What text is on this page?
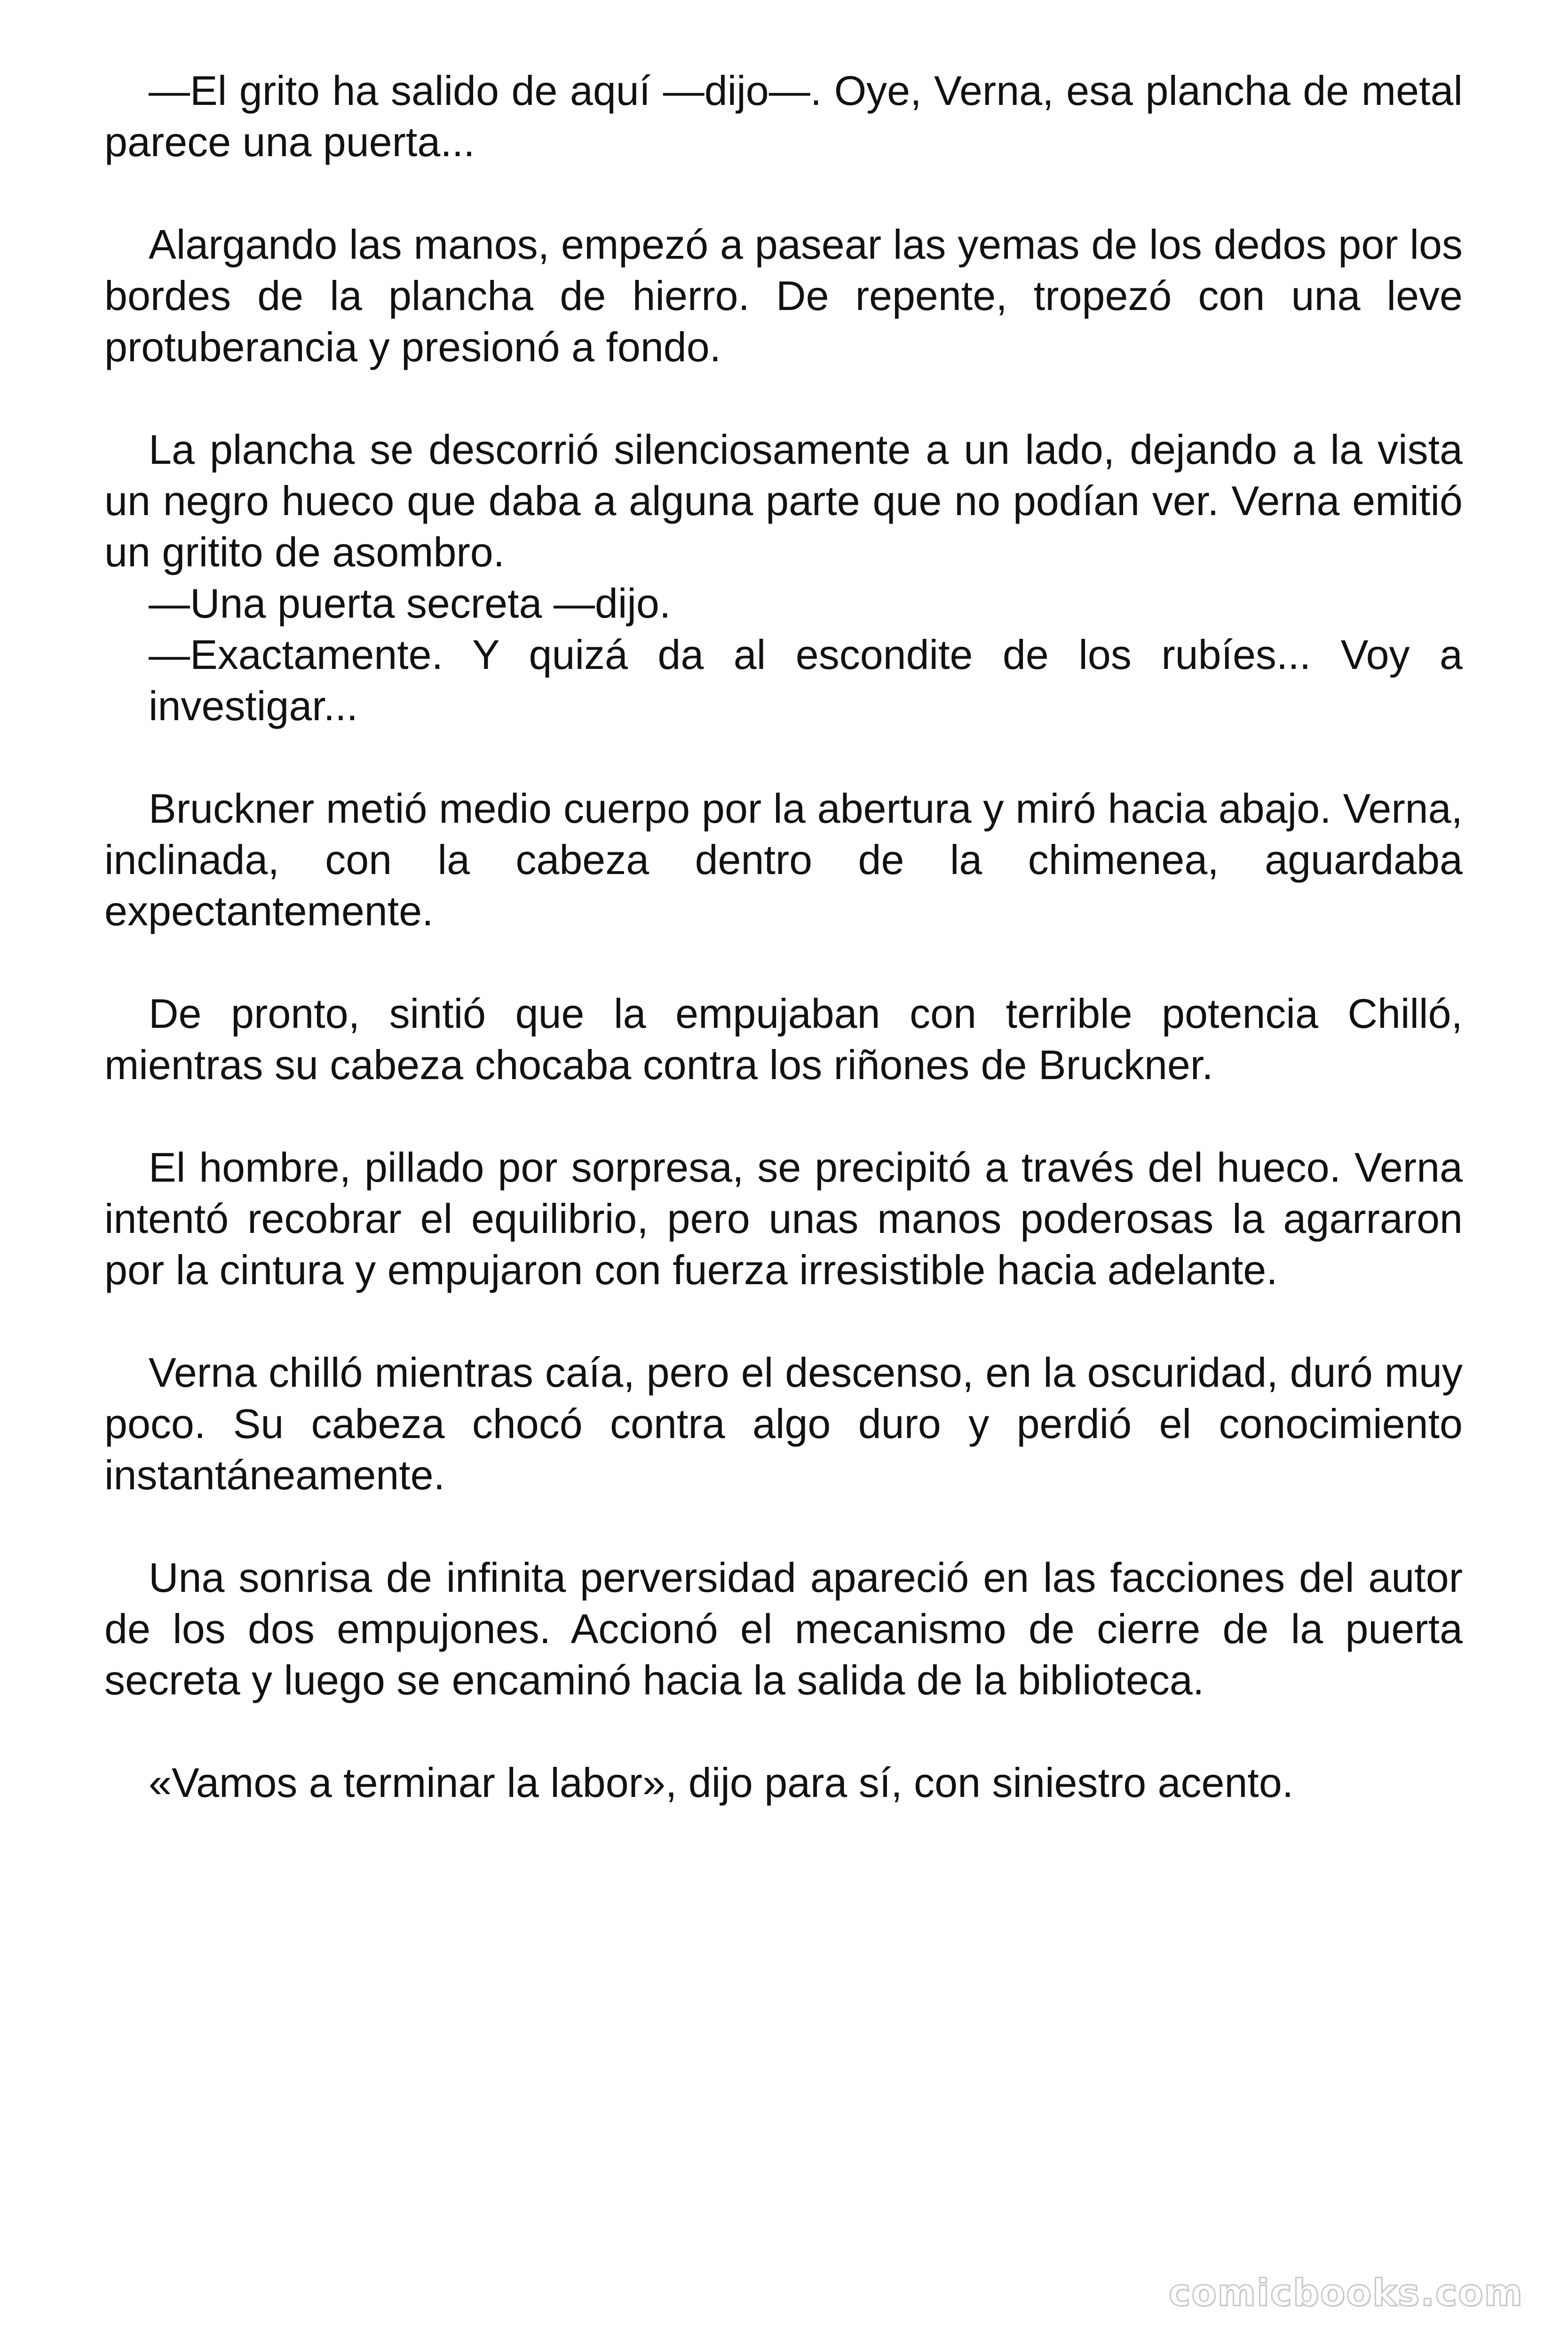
—El grito ha salido de aquí —dijo—. Oye, Verna, esa plancha de metal parece una puerta...

Alargando las manos, empezó a pasear las yemas de los dedos por los bordes de la plancha de hierro. De repente, tropezó con una leve protuberancia y presionó a fondo.

La plancha se descorrió silenciosamente a un lado, dejando a la vista un negro hueco que daba a alguna parte que no podían ver. Verna emitió un gritito de asombro.

—Una puerta secreta —dijo.

—Exactamente. Y quizá da al escondite de los rubíes... Voy a investigar...

Bruckner metió medio cuerpo por la abertura y miró hacia abajo. Verna, inclinada, con la cabeza dentro de la chimenea, aguardaba expectantemente.

De pronto, sintió que la empujaban con terrible potencia Chilló, mientras su cabeza chocaba contra los riñones de Bruckner.

El hombre, pillado por sorpresa, se precipitó a través del hueco. Verna intentó recobrar el equilibrio, pero unas manos poderosas la agarraron por la cintura y empujaron con fuerza irresistible hacia adelante.

Verna chilló mientras caía, pero el descenso, en la oscuridad, duró muy poco. Su cabeza chocó contra algo duro y perdió el conocimiento instantáneamente.

Una sonrisa de infinita perversidad apareció en las facciones del autor de los dos empujones. Accionó el mecanismo de cierre de la puerta secreta y luego se encaminó hacia la salida de la biblioteca.

«Vamos a terminar la labor», dijo para sí, con siniestro acento.

comicbooks.com
